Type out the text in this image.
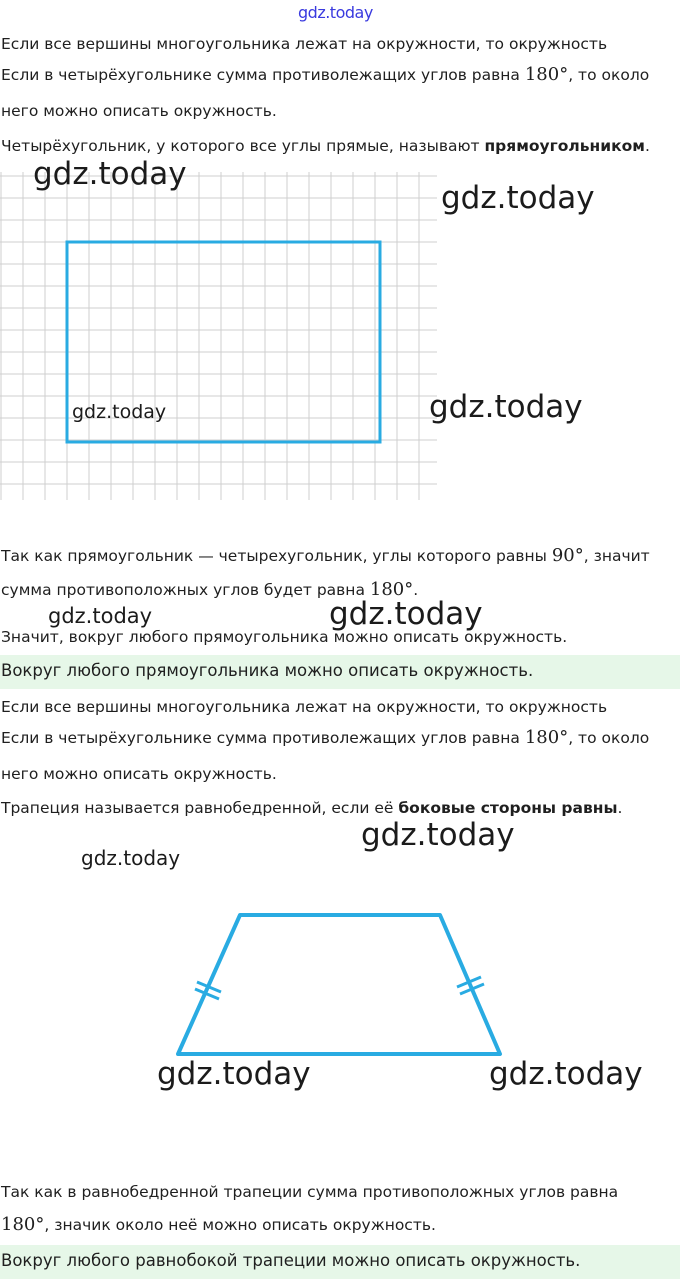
gdz.today
Если все вершины многоугольника лежат на окружности, то окружность
Если в четырёхугольнике сумма противолежащих углов равна 180°, то около
него можно описать окружность.
Четырёхугольник, у которого все углы прямые, называют прямоугольником.
gdz.today
gdz.today
gdz.today	gdz.today
Так как прямоугольник — четырехугольник, углы которого равны 90°, значит
сумма противоположных углов будет равна 180°.
gdz.today	gdz.today
Значит, вокруг любого прямоугольника можно описать окружность.
Вокруг любого прямоугольника можно описать окружность.
Если все вершины многоугольника лежат на окружности, то окружность
Если в четырёхугольнике сумма противолежащих углов равна 180°, то около
него можно описать окружность.
Трапеция называется равнобедренной, если её боковые стороны равны.
gdz.today
gdz.today
gdz.today	gdz.today
Так как в равнобедренной трапеции сумма противоположных углов равна
180°, значик около неё можно описать окружность.
Вокруг любого равнобокой трапеции можно описать окружность.
